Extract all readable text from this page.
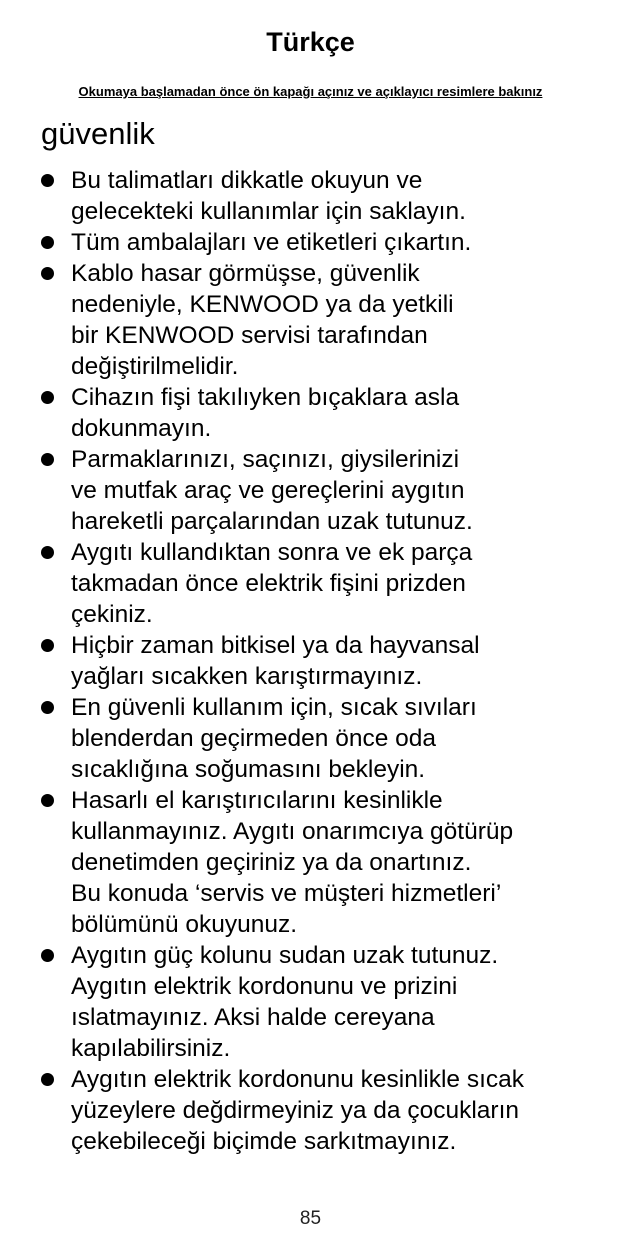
Türkçe
Okumaya başlamadan önce ön kapağı açınız ve açıklayıcı resimlere bakınız
güvenlik
Bu talimatları dikkatle okuyun ve
gelecekteki kullanımlar için saklayın.
Tüm ambalajları ve etiketleri çıkartın.
Kablo hasar görmüşse, güvenlik
nedeniyle, KENWOOD ya da yetkili
bir KENWOOD servisi tarafından
değiştirilmelidir.
Cihazın fişi takılıyken bıçaklara asla
dokunmayın.
Parmaklarınızı, saçınızı, giysilerinizi
ve mutfak araç ve gereçlerini aygıtın
hareketli parçalarından uzak tutunuz.
Aygıtı kullandıktan sonra ve ek parça
takmadan önce elektrik fişini prizden
çekiniz.
Hiçbir zaman bitkisel ya da hayvansal
yağları sıcakken karıştırmayınız.
En güvenli kullanım için, sıcak sıvıları
blenderdan geçirmeden önce oda
sıcaklığına soğumasını bekleyin.
Hasarlı el karıştırıcılarını kesinlikle
kullanmayınız. Aygıtı onarımcıya götürüp
denetimden geçiriniz ya da onartınız.
Bu konuda ‘servis ve müşteri hizmetleri’
bölümünü okuyunuz.
Aygıtın güç kolunu sudan uzak tutunuz.
Aygıtın elektrik kordonunu ve prizini
ıslatmayınız. Aksi halde cereyana
kapılabilirsiniz.
Aygıtın elektrik kordonunu kesinlikle sıcak
yüzeylere değdirmeyiniz ya da çocukların
çekebileceği biçimde sarkıtmayınız.
85
